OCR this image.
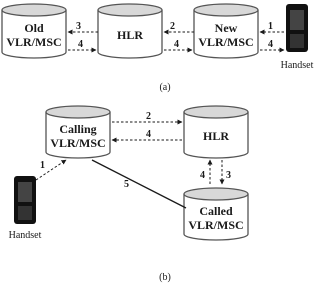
Old
VLR/MSC	HLR	New
VLR/MSC
Handset
3
4
2
4
1
4
(a)
Calling
VLR/MSC	HLR
Called
VLR/MSC
Handset
2
4
4 3
1
5
(b)
